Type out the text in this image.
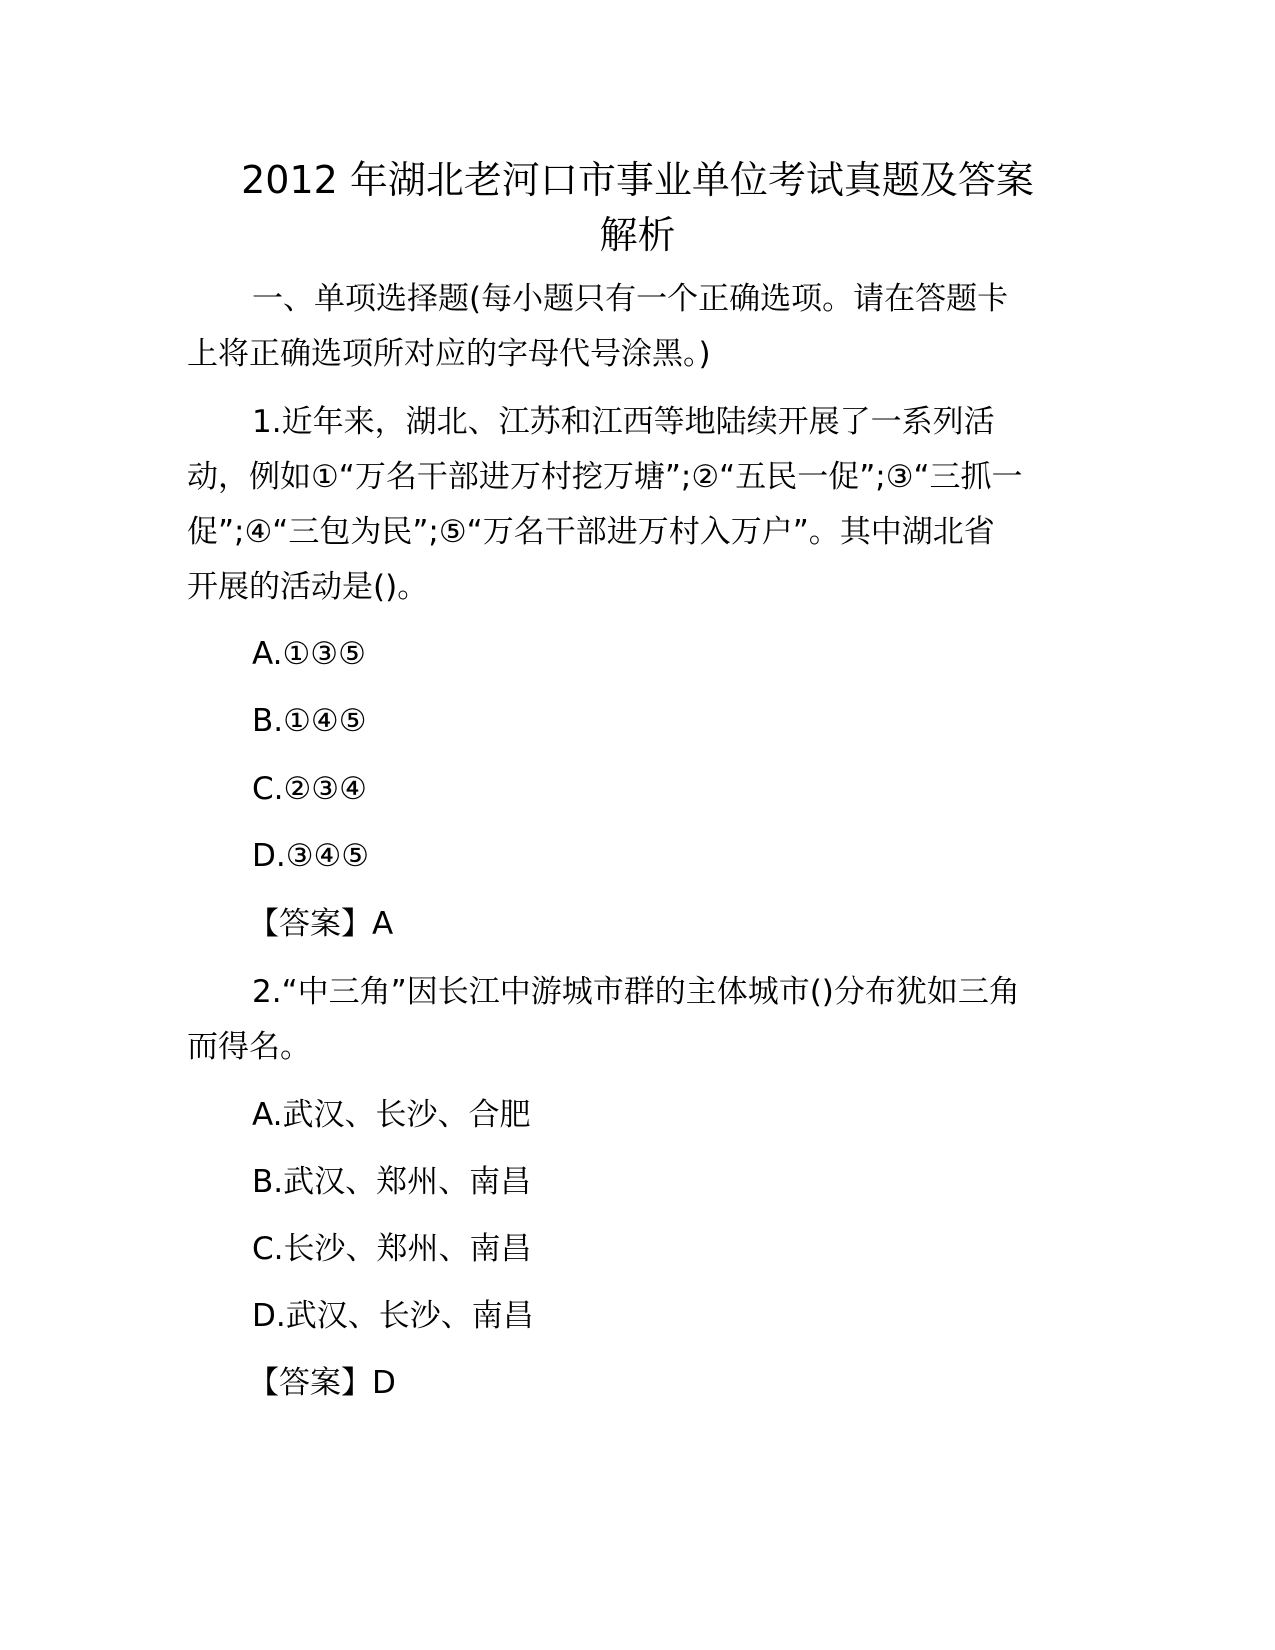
2012 年湖北老河口市事业单位考试真题及答案
解析
一、单项选择题(每小题只有一个正确选项。请在答题卡
上将正确选项所对应的字母代号涂黑。)
1.近年来，湖北、江苏和江西等地陆续开展了一系列活
动，例如①“万名干部进万村挖万塘”;②“五民一促”;③“三抓一
促”;④“三包为民”;⑤“万名干部进万村入万户”。其中湖北省
开展的活动是()。
A.①③⑤
B.①④⑤
C.②③④
D.③④⑤
【答案】A
2.“中三角”因长江中游城市群的主体城市()分布犹如三角
而得名。
A.武汉、长沙、合肥
B.武汉、郑州、南昌
C.长沙、郑州、南昌
D.武汉、长沙、南昌
【答案】D
